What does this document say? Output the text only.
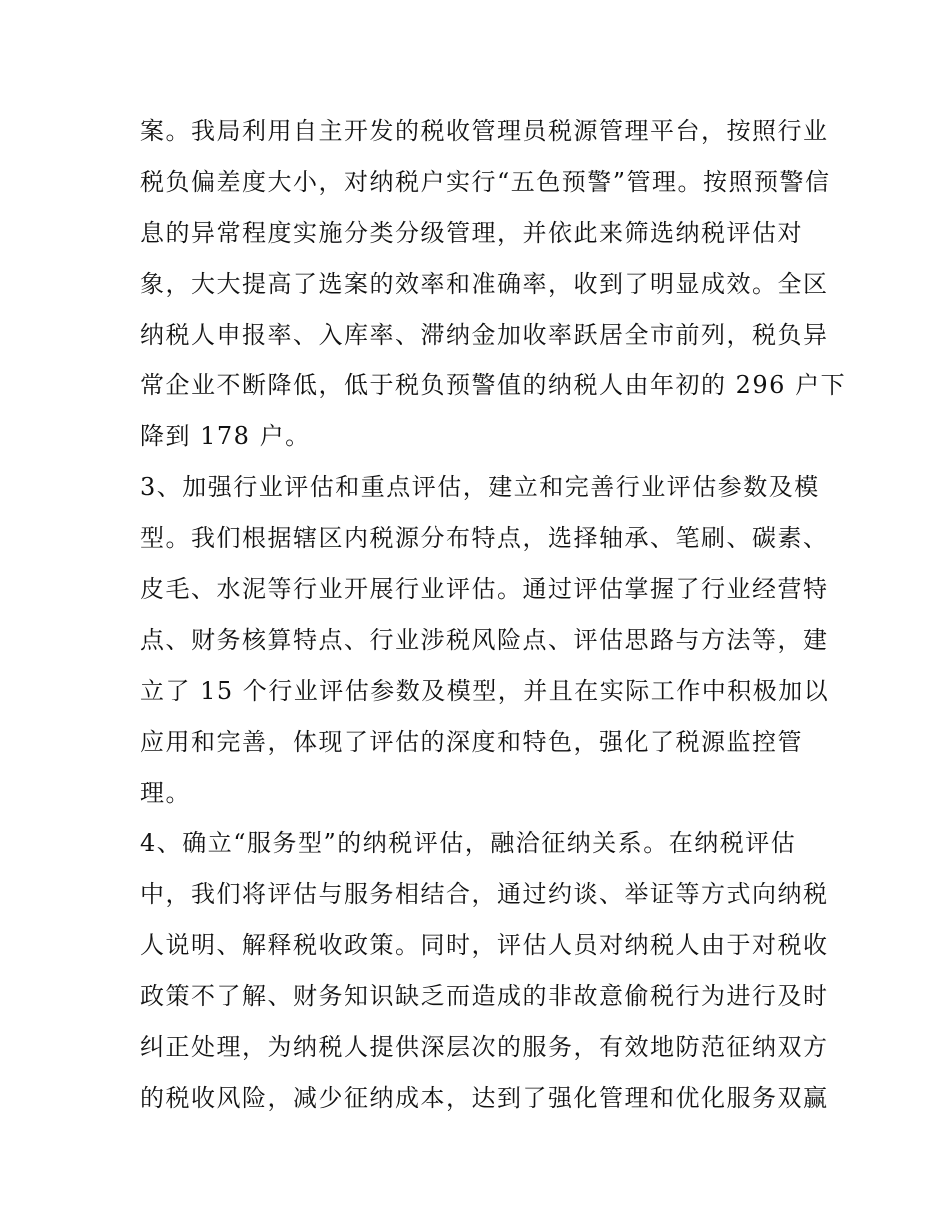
案。我局利用自主开发的税收管理员税源管理平台，按照行业

税负偏差度大小，对纳税户实行“五色预警”管理。按照预警信

息的异常程度实施分类分级管理，并依此来筛选纳税评估对

象，大大提高了选案的效率和准确率，收到了明显成效。全区

纳税人申报率、入库率、滞纳金加收率跃居全市前列，税负异

常企业不断降低，低于税负预警值的纳税人由年初的 296 户下

降到 178 户。

3、加强行业评估和重点评估，建立和完善行业评估参数及模

型。我们根据辖区内税源分布特点，选择轴承、笔刷、碳素、

皮毛、水泥等行业开展行业评估。通过评估掌握了行业经营特

点、财务核算特点、行业涉税风险点、评估思路与方法等，建

立了 15 个行业评估参数及模型，并且在实际工作中积极加以

应用和完善，体现了评估的深度和特色，强化了税源监控管

理。

4、确立“服务型”的纳税评估，融洽征纳关系。在纳税评估

中，我们将评估与服务相结合，通过约谈、举证等方式向纳税

人说明、解释税收政策。同时，评估人员对纳税人由于对税收

政策不了解、财务知识缺乏而造成的非故意偷税行为进行及时

纠正处理，为纳税人提供深层次的服务，有效地防范征纳双方

的税收风险，减少征纳成本，达到了强化管理和优化服务双赢
